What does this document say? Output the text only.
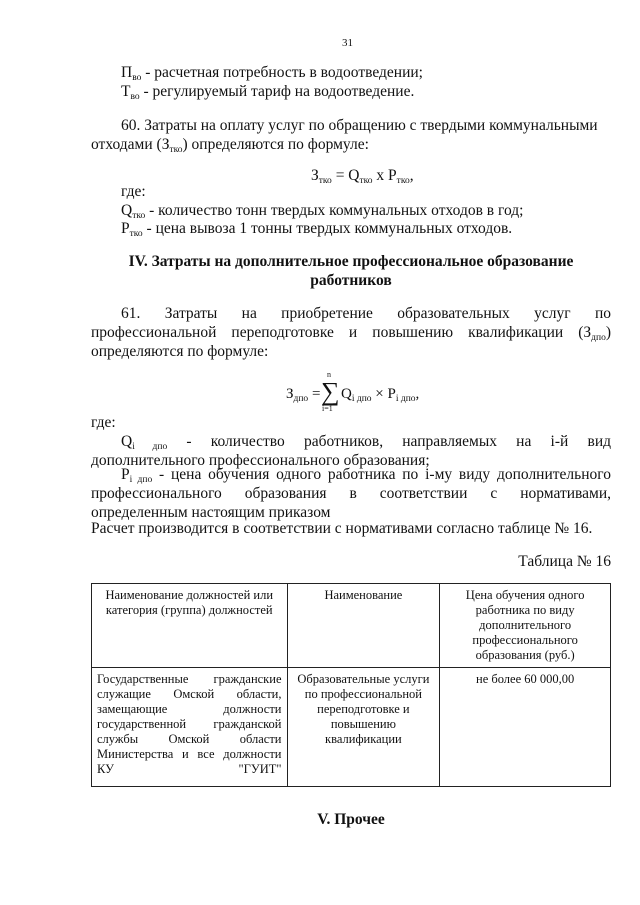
31
$П_{во}$ - расчетная потребность в водоотведении;
$Т_{во}$ - регулируемый тариф на водоотведение.
60. Затраты на оплату услуг по обращению с твердыми коммунальными
отходами $(З_{тко})$ определяются по формуле:
$З_{тко} = Q_{тко}$ x $P_{тко}$,
где:
$Q_{тко}$ - количество тонн твердых коммунальных отходов в год;
$P_{тко}$ - цена вывоза 1 тонны твердых коммунальных отходов.
IV. Затраты на дополнительное профессиональное образование
работников
61. Затраты на приобретение образовательных услуг по
профессиональной переподготовке и повышению квалификации $(З_{дпо})$
определяются по формуле:
$З_{дпо}$ =
n
∑
i=1
$Q_{i дпо} \times P_{i дпо}$,
где:
$Q_{i дпо}$ - количество работников, направляемых на i-й вид
дополнительного профессионального образования;
$P_{i дпо}$ - цена обучения одного работника по i-му виду дополнительного
профессионального образования в соответствии с нормативами,
определенным настоящим приказом
Расчет производится в соответствии с нормативами согласно таблице № 16.
Таблица № 16
Наименование должностей или категория (группа) должностей	Наименование	Цена обучения одного работника по виду дополнительного профессионального образования (руб.)
Государственные гражданские служащие Омской области, замещающие должности государственной гражданской службы Омской области Министерства и все должности КУ "ГУИТ"	Образовательные услуги по профессиональной переподготовке и повышению квалификации	не более 60 000,00
V. Прочее
